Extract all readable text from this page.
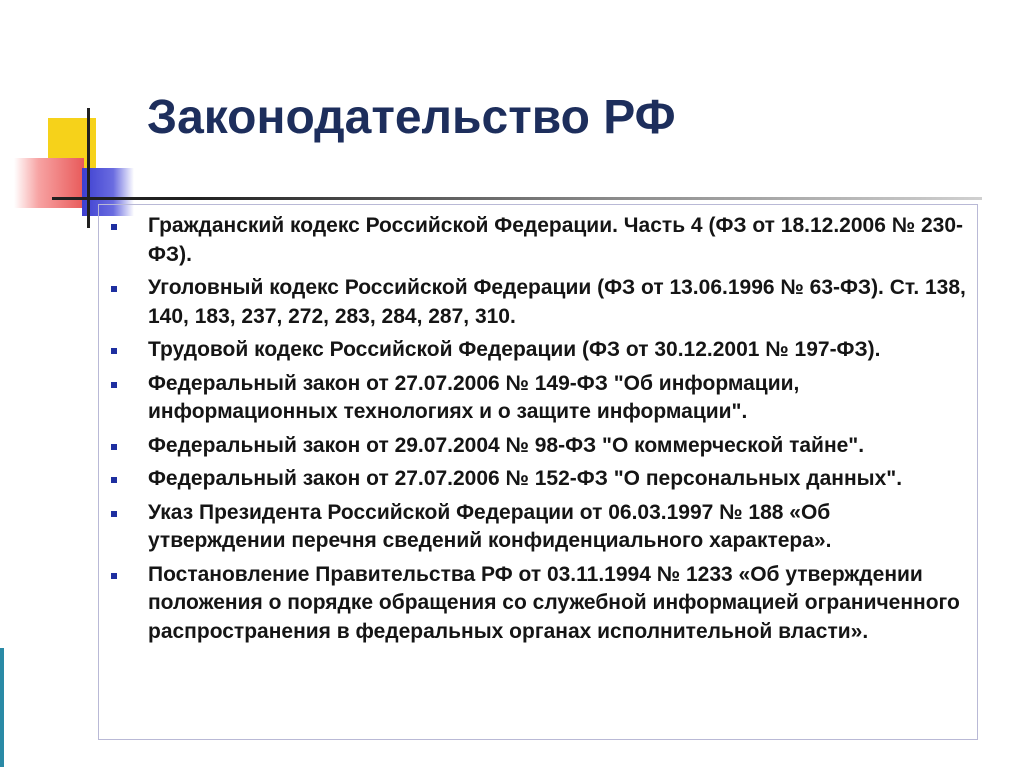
Законодательство РФ
Гражданский кодекс Российской Федерации. Часть 4 (ФЗ от 18.12.2006 № 230-ФЗ).
Уголовный кодекс Российской Федерации (ФЗ от 13.06.1996 № 63-ФЗ). Ст. 138, 140, 183, 237, 272, 283, 284, 287, 310.
Трудовой кодекс Российской Федерации (ФЗ от 30.12.2001 № 197-ФЗ).
Федеральный закон от 27.07.2006 № 149-ФЗ "Об информации, информационных технологиях и о защите информации".
Федеральный закон от 29.07.2004 № 98-ФЗ "О коммерческой тайне".
Федеральный закон от 27.07.2006 № 152-ФЗ "О персональных данных".
Указ Президента Российской Федерации от 06.03.1997 № 188 «Об утверждении перечня сведений конфиденциального характера».
Постановление Правительства РФ от 03.11.1994 № 1233 «Об утверждении положения о порядке обращения со служебной информацией ограниченного распространения в федеральных органах исполнительной власти».
